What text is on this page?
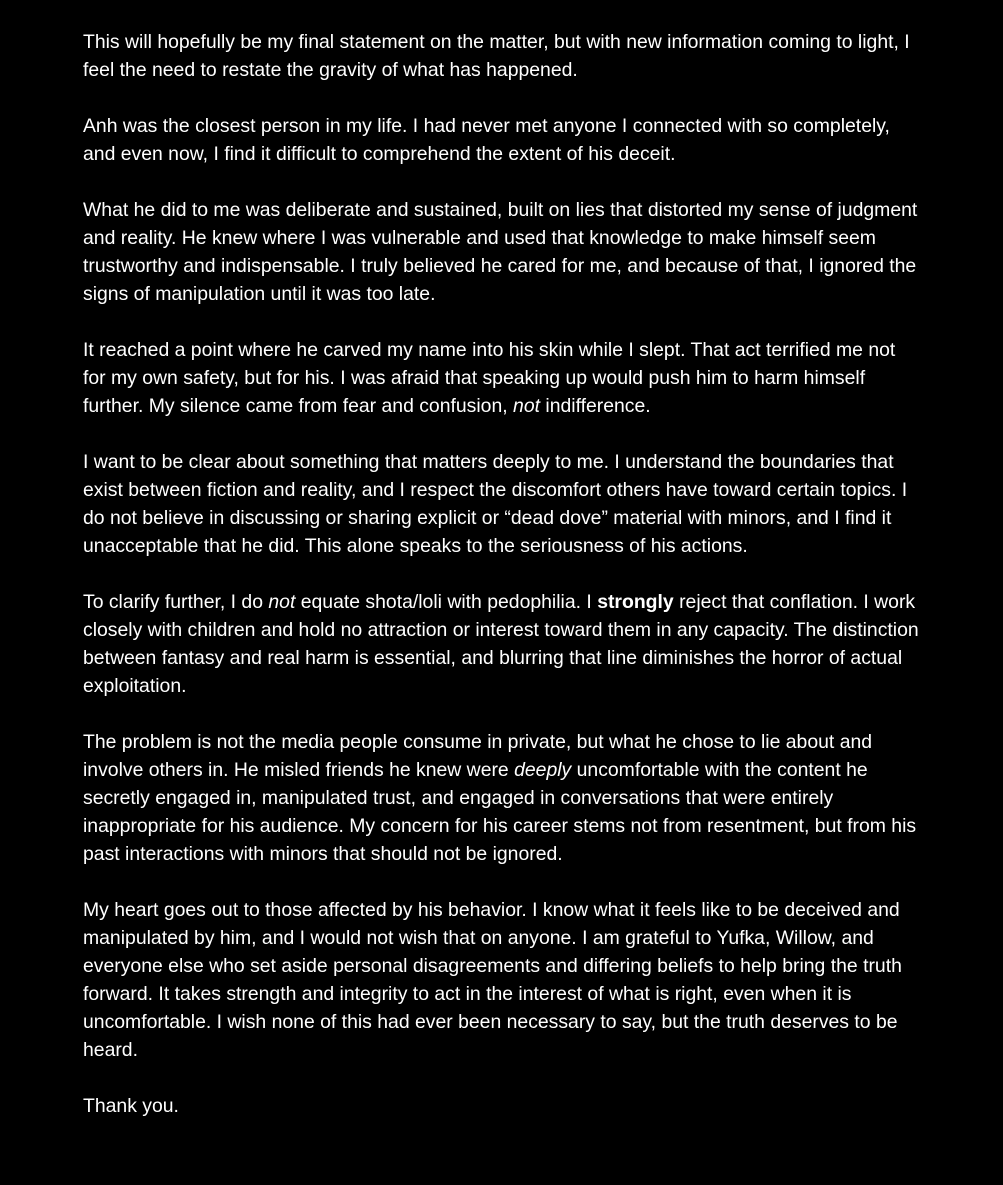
This will hopefully be my final statement on the matter, but with new information coming to light, I feel the need to restate the gravity of what has happened.

Anh was the closest person in my life. I had never met anyone I connected with so completely, and even now, I find it difficult to comprehend the extent of his deceit.

What he did to me was deliberate and sustained, built on lies that distorted my sense of judgment and reality. He knew where I was vulnerable and used that knowledge to make himself seem trustworthy and indispensable. I truly believed he cared for me, and because of that, I ignored the signs of manipulation until it was too late.

It reached a point where he carved my name into his skin while I slept. That act terrified me not for my own safety, but for his. I was afraid that speaking up would push him to harm himself further. My silence came from fear and confusion, not indifference.

I want to be clear about something that matters deeply to me. I understand the boundaries that exist between fiction and reality, and I respect the discomfort others have toward certain topics. I do not believe in discussing or sharing explicit or “dead dove” material with minors, and I find it unacceptable that he did. This alone speaks to the seriousness of his actions.

To clarify further, I do not equate shota/loli with pedophilia. I strongly reject that conflation. I work closely with children and hold no attraction or interest toward them in any capacity. The distinction between fantasy and real harm is essential, and blurring that line diminishes the horror of actual exploitation.

The problem is not the media people consume in private, but what he chose to lie about and involve others in. He misled friends he knew were deeply uncomfortable with the content he secretly engaged in, manipulated trust, and engaged in conversations that were entirely inappropriate for his audience. My concern for his career stems not from resentment, but from his past interactions with minors that should not be ignored.

My heart goes out to those affected by his behavior. I know what it feels like to be deceived and manipulated by him, and I would not wish that on anyone. I am grateful to Yufka, Willow, and everyone else who set aside personal disagreements and differing beliefs to help bring the truth forward. It takes strength and integrity to act in the interest of what is right, even when it is uncomfortable. I wish none of this had ever been necessary to say, but the truth deserves to be heard.

Thank you.
